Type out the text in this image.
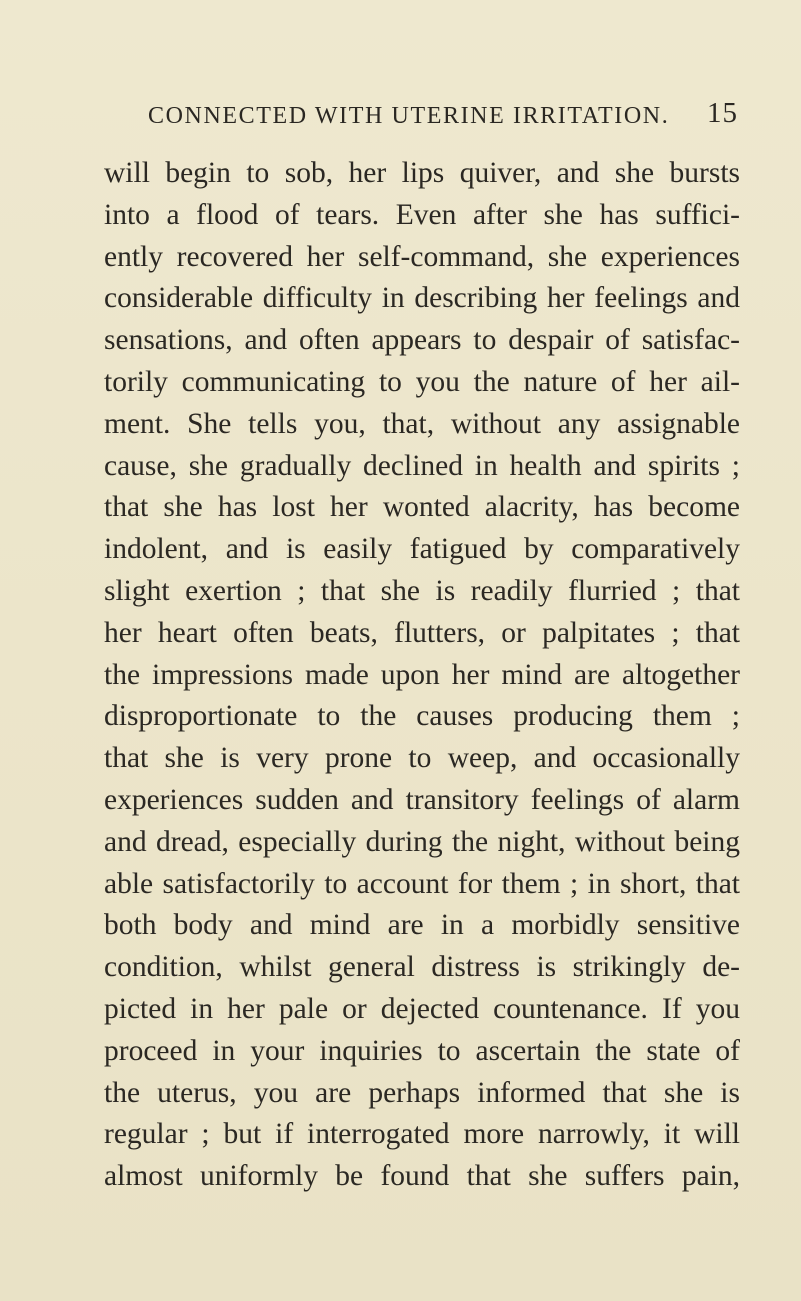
CONNECTED WITH UTERINE IRRITATION. 15
will begin to sob, her lips quiver, and she bursts
into a flood of tears. Even after she has suffici-
ently recovered her self-command, she experiences
considerable difficulty in describing her feelings and
sensations, and often appears to despair of satisfac-
torily communicating to you the nature of her ail-
ment. She tells you, that, without any assignable
cause, she gradually declined in health and spirits ;
that she has lost her wonted alacrity, has become
indolent, and is easily fatigued by comparatively
slight exertion ; that she is readily flurried ; that
her heart often beats, flutters, or palpitates ; that
the impressions made upon her mind are altogether
disproportionate to the causes producing them ;
that she is very prone to weep, and occasionally
experiences sudden and transitory feelings of alarm
and dread, especially during the night, without being
able satisfactorily to account for them ; in short, that
both body and mind are in a morbidly sensitive
condition, whilst general distress is strikingly de-
picted in her pale or dejected countenance. If you
proceed in your inquiries to ascertain the state of
the uterus, you are perhaps informed that she is
regular ; but if interrogated more narrowly, it will
almost uniformly be found that she suffers pain,
